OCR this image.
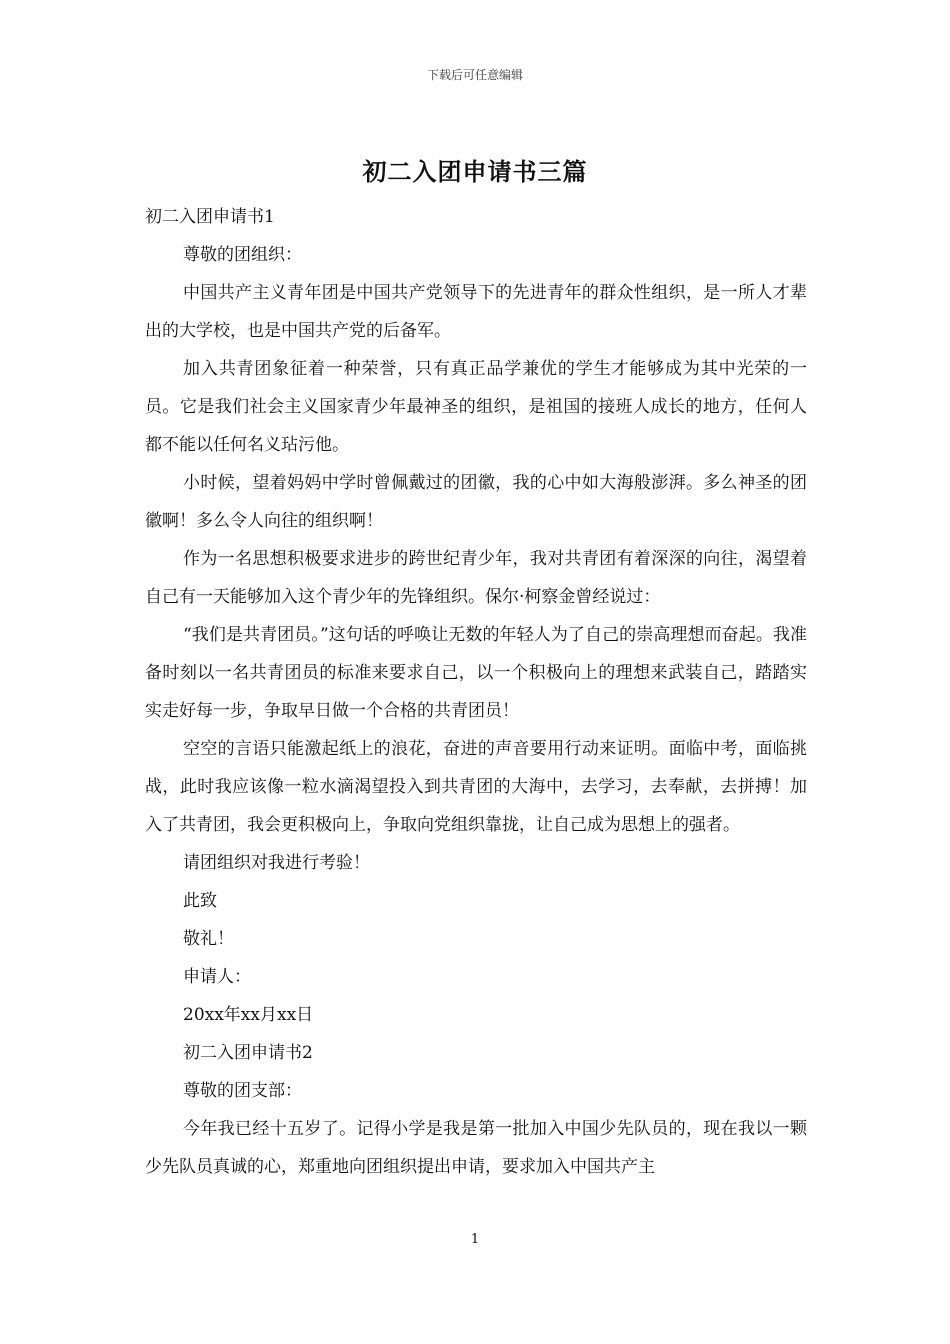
下载后可任意编辑
初二入团申请书三篇

初二入团申请书1

尊敬的团组织：

中国共产主义青年团是中国共产党领导下的先进青年的群众性组织，是一所人才辈出的大学校，也是中国共产党的后备军。

加入共青团象征着一种荣誉，只有真正品学兼优的学生才能够成为其中光荣的一员。它是我们社会主义国家青少年最神圣的组织，是祖国的接班人成长的地方，任何人都不能以任何名义玷污他。

小时候，望着妈妈中学时曾佩戴过的团徽，我的心中如大海般澎湃。多么神圣的团徽啊！多么令人向往的组织啊！

作为一名思想积极要求进步的跨世纪青少年，我对共青团有着深深的向往，渴望着自己有一天能够加入这个青少年的先锋组织。保尔·柯察金曾经说过：

“我们是共青团员。”这句话的呼唤让无数的年轻人为了自己的崇高理想而奋起。我准备时刻以一名共青团员的标准来要求自己，以一个积极向上的理想来武装自己，踏踏实实走好每一步，争取早日做一个合格的共青团员！

空空的言语只能激起纸上的浪花，奋进的声音要用行动来证明。面临中考，面临挑战，此时我应该像一粒水滴渴望投入到共青团的大海中，去学习，去奉献，去拼搏！加入了共青团，我会更积极向上，争取向党组织靠拢，让自己成为思想上的强者。

请团组织对我进行考验！

此致

敬礼！

申请人：

20xx年xx月xx日

初二入团申请书2

尊敬的团支部：

今年我已经十五岁了。记得小学是我是第一批加入中国少先队员的，现在我以一颗少先队员真诚的心，郑重地向团组织提出申请，要求加入中国共产主

1
